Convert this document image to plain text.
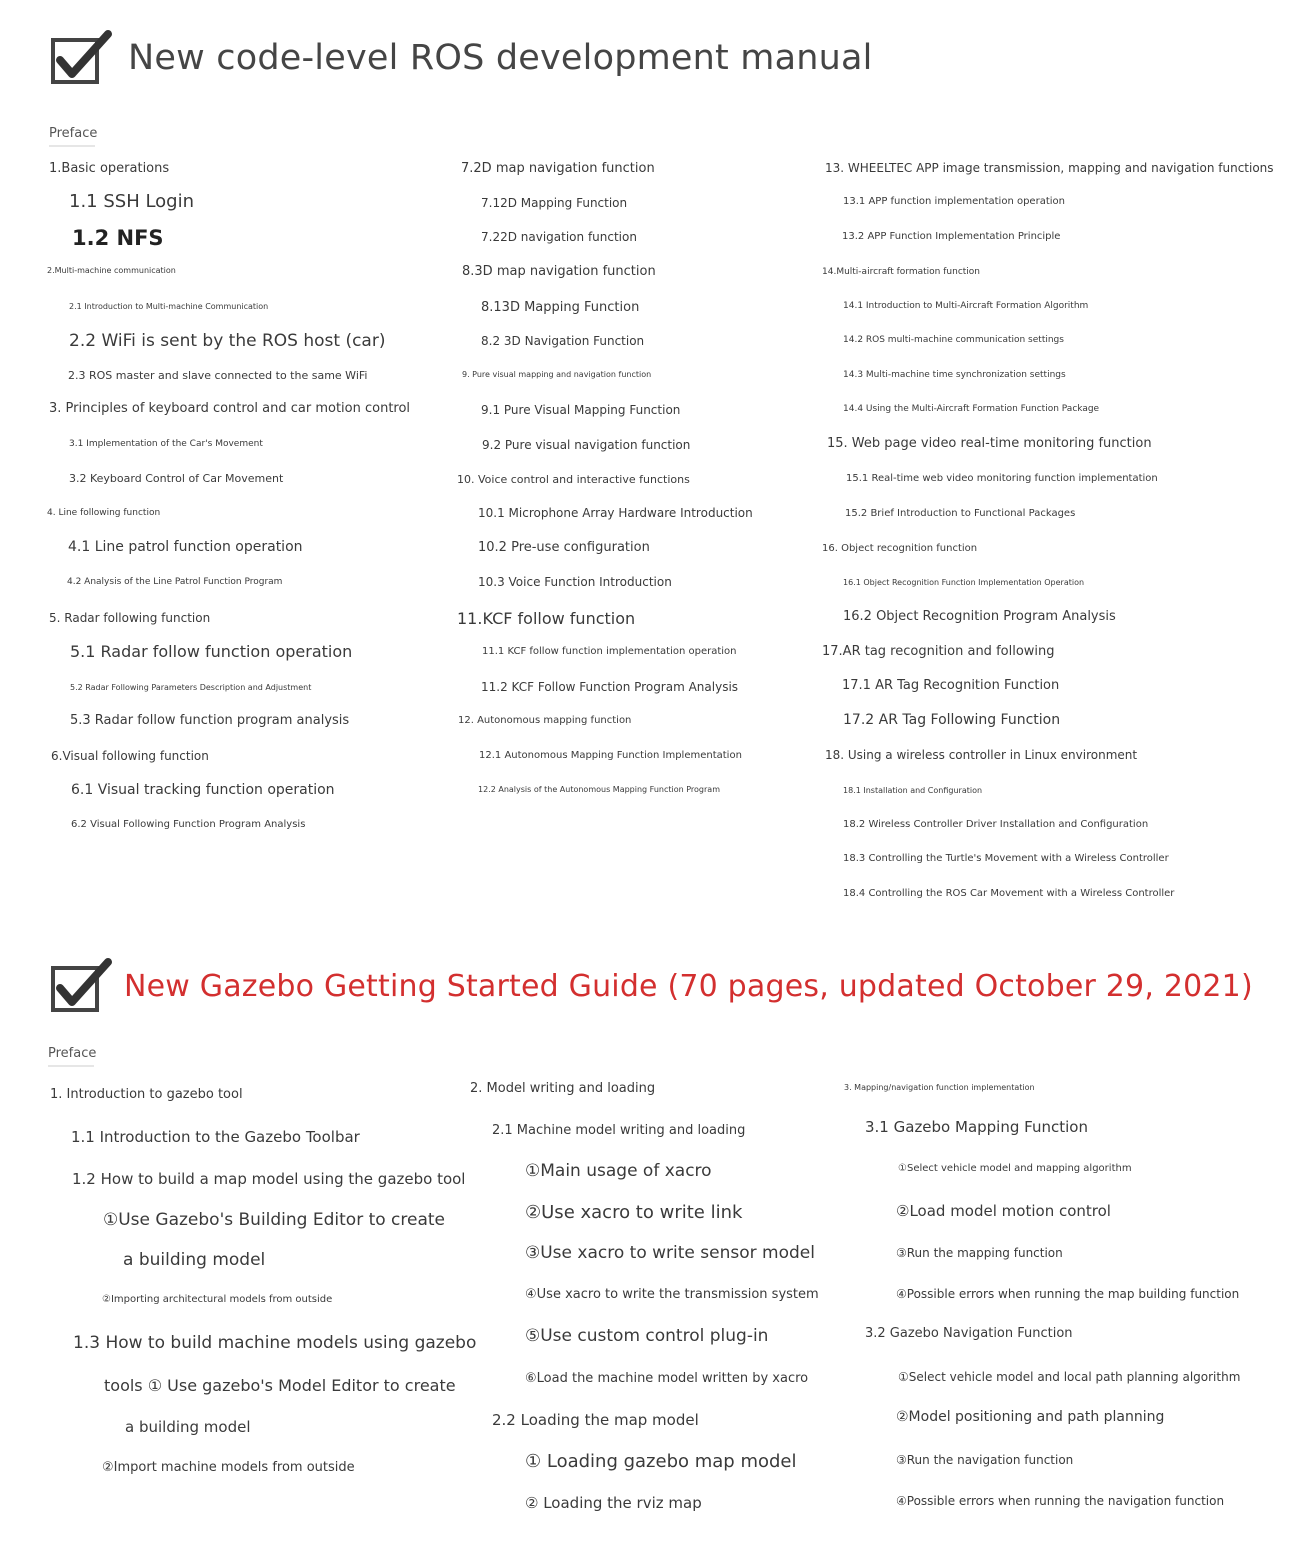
New code-level ROS development manual
Preface
1.Basic operations
1.1 SSH Login
1.2 NFS
2.Multi-machine communication
2.1 Introduction to Multi-machine Communication
2.2 WiFi is sent by the ROS host (car)
2.3 ROS master and slave connected to the same WiFi
3. Principles of keyboard control and car motion control
3.1 Implementation of the Car's Movement
3.2 Keyboard Control of Car Movement
4. Line following function
4.1 Line patrol function operation
4.2 Analysis of the Line Patrol Function Program
5. Radar following function
5.1 Radar follow function operation
5.2 Radar Following Parameters Description and Adjustment
5.3 Radar follow function program analysis
6.Visual following function
6.1 Visual tracking function operation
6.2 Visual Following Function Program Analysis
7.2D map navigation function
7.12D Mapping Function
7.22D navigation function
8.3D map navigation function
8.13D Mapping Function
8.2 3D Navigation Function
9. Pure visual mapping and navigation function
9.1 Pure Visual Mapping Function
9.2 Pure visual navigation function
10. Voice control and interactive functions
10.1 Microphone Array Hardware Introduction
10.2 Pre-use configuration
10.3 Voice Function Introduction
11.KCF follow function
11.1 KCF follow function implementation operation
11.2 KCF Follow Function Program Analysis
12. Autonomous mapping function
12.1 Autonomous Mapping Function Implementation
12.2 Analysis of the Autonomous Mapping Function Program
13. WHEELTEC APP image transmission, mapping and navigation functions
13.1 APP function implementation operation
13.2 APP Function Implementation Principle
14.Multi-aircraft formation function
14.1 Introduction to Multi-Aircraft Formation Algorithm
14.2 ROS multi-machine communication settings
14.3 Multi-machine time synchronization settings
14.4 Using the Multi-Aircraft Formation Function Package
15. Web page video real-time monitoring function
15.1 Real-time web video monitoring function implementation
15.2 Brief Introduction to Functional Packages
16. Object recognition function
16.1 Object Recognition Function Implementation Operation
16.2 Object Recognition Program Analysis
17.AR tag recognition and following
17.1 AR Tag Recognition Function
17.2 AR Tag Following Function
18. Using a wireless controller in Linux environment
18.1 Installation and Configuration
18.2 Wireless Controller Driver Installation and Configuration
18.3 Controlling the Turtle's Movement with a Wireless Controller
18.4 Controlling the ROS Car Movement with a Wireless Controller
New Gazebo Getting Started Guide (70 pages, updated October 29, 2021)
Preface
1. Introduction to gazebo tool
1.1 Introduction to the Gazebo Toolbar
1.2 How to build a map model using the gazebo tool
①Use Gazebo's Building Editor to create
a building model
②Importing architectural models from outside
1.3 How to build machine models using gazebo
tools ① Use gazebo's Model Editor to create
a building model
②Import machine models from outside
2. Model writing and loading
2.1 Machine model writing and loading
①Main usage of xacro
②Use xacro to write link
③Use xacro to write sensor model
④Use xacro to write the transmission system
⑤Use custom control plug-in
⑥Load the machine model written by xacro
2.2 Loading the map model
① Loading gazebo map model
② Loading the rviz map
3. Mapping/navigation function implementation
3.1 Gazebo Mapping Function
①Select vehicle model and mapping algorithm
②Load model motion control
③Run the mapping function
④Possible errors when running the map building function
3.2 Gazebo Navigation Function
①Select vehicle model and local path planning algorithm
②Model positioning and path planning
③Run the navigation function
④Possible errors when running the navigation function
